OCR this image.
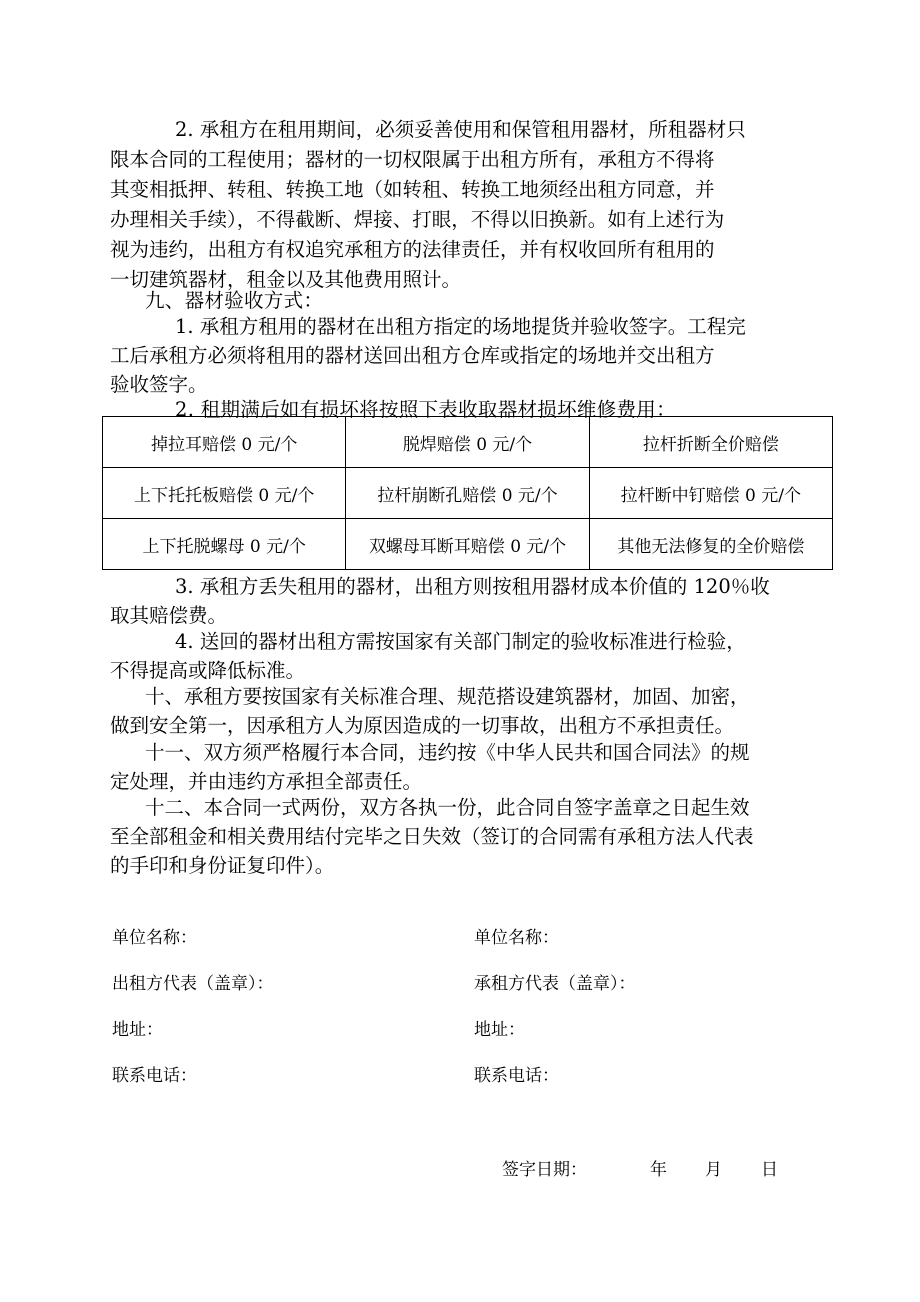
2. 承租方在租用期间，必须妥善使用和保管租用器材，所租器材只
限本合同的工程使用；器材的一切权限属于出租方所有，承租方不得将
其变相抵押、转租、转换工地（如转租、转换工地须经出租方同意，并
办理相关手续），不得截断、焊接、打眼，不得以旧换新。如有上述行为
视为违约，出租方有权追究承租方的法律责任，并有权收回所有租用的
一切建筑器材，租金以及其他费用照计。
九、器材验收方式：
1. 承租方租用的器材在出租方指定的场地提货并验收签字。工程完
工后承租方必须将租用的器材送回出租方仓库或指定的场地并交出租方
验收签字。
2. 租期满后如有损坏将按照下表收取器材损坏维修费用：
掉拉耳赔偿 0 元/个	脱焊赔偿 0 元/个	拉杆折断全价赔偿
上下托托板赔偿 0 元/个	拉杆崩断孔赔偿 0 元/个	拉杆断中钉赔偿 0 元/个
上下托脱螺母 0 元/个	双螺母耳断耳赔偿 0 元/个	其他无法修复的全价赔偿
3. 承租方丢失租用的器材，出租方则按租用器材成本价值的 120％收
取其赔偿费。
4. 送回的器材出租方需按国家有关部门制定的验收标准进行检验，
不得提高或降低标准。
十、承租方要按国家有关标准合理、规范搭设建筑器材，加固、加密，
做到安全第一，因承租方人为原因造成的一切事故，出租方不承担责任。
十一、双方须严格履行本合同，违约按《中华人民共和国合同法》的规
定处理，并由违约方承担全部责任。
十二、本合同一式两份，双方各执一份，此合同自签字盖章之日起生效
至全部租金和相关费用结付完毕之日失效（签订的合同需有承租方法人代表
的手印和身份证复印件）。
单位名称：
出租方代表（盖章）：
地址：
联系电话：
单位名称：
承租方代表（盖章）：
地址：
联系电话：
签字日期：	年 月 日
